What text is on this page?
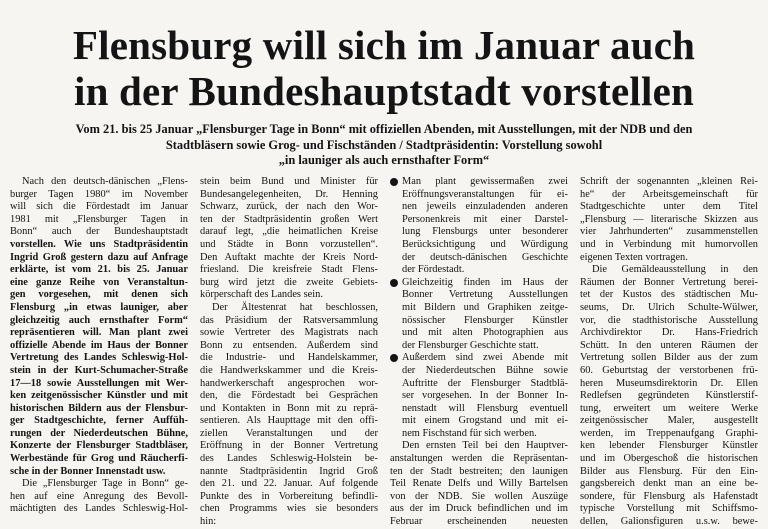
Flensburg will sich im Januar auch
in der Bundeshauptstadt vorstellen
Vom 21. bis 25 Januar „Flensburger Tage in Bonn“ mit offiziellen Abenden, mit Ausstellungen, mit der NDB und den
Stadtbläsern sowie Grog- und Fischständen / Stadtpräsidentin: Vorstellung sowohl
„in launiger als auch ernsthafter Form“
Nach den deutsch-dänischen „Flens-
burger Tagen 1980“ im November
will sich die Fördestadt im Januar
1981 mit „Flensburger Tagen in
Bonn“ auch der Bundeshauptstadt
vorstellen. Wie uns Stadtpräsidentin
Ingrid Groß gestern dazu auf Anfrage
erklärte, ist vom 21. bis 25. Januar
eine ganze Reihe von Veranstaltun-
gen vorgesehen, mit denen sich
Flensburg „in etwas launiger, aber
gleichzeitig auch ernsthafter Form“
repräsentieren will. Man plant zwei
offizielle Abende im Haus der Bonner
Vertretung des Landes Schleswig-Hol-
stein in der Kurt-Schumacher-Straße
17—18 sowie Ausstellungen mit Wer-
ken zeitgenössischer Künstler und mit
historischen Bildern aus der Flensbur-
ger Stadtgeschichte, ferner Auffüh-
rungen der Niederdeutschen Bühne,
Konzerte der Flensburger Stadtbläser,
Werbestände für Grog und Räucherfi-
sche in der Bonner Innenstadt usw.
Die „Flensburger Tage in Bonn“ ge-
hen auf eine Anregung des Bevoll-
mächtigten des Landes Schleswig-Hol-
stein beim Bund und Minister für
Bundesangelegenheiten, Dr. Henning
Schwarz, zurück, der nach den Wor-
ten der Stadtpräsidentin großen Wert
darauf legt, „die heimatlichen Kreise
und Städte in Bonn vorzustellen“.
Den Auftakt machte der Kreis Nord-
friesland. Die kreisfreie Stadt Flens-
burg wird jetzt die zweite Gebiets-
körperschaft des Landes sein.
Der Ältestenrat hat beschlossen,
das Präsidium der Ratsversammlung
sowie Vertreter des Magistrats nach
Bonn zu entsenden. Außerdem sind
die Industrie- und Handelskammer,
die Handwerkskammer und die Kreis-
handwerkerschaft angesprochen wor-
den, die Fördestadt bei Gesprächen
und Kontakten in Bonn mit zu reprä-
sentieren. Als Haupttage mit den offi-
ziellen Veranstaltungen und der
Eröffnung in der Bonner Vertretung
des Landes Schleswig-Holstein be-
nannte Stadtpräsidentin Ingrid Groß
den 21. und 22. Januar. Auf folgende
Punkte des in Vorbereitung befindli-
chen Programms wies sie besonders
hin:
Man plant gewissermaßen zwei
Eröffnungsveranstaltungen für ei-
nen jeweils einzuladenden anderen
Personenkreis mit einer Darstel-
lung Flensburgs unter besonderer
Berücksichtigung und Würdigung
der deutsch-dänischen Geschichte
der Fördestadt.
Gleichzeitig finden im Haus der
Bonner Vertretung Ausstellungen
mit Bildern und Graphiken zeitge-
nössischer Flensburger Künstler
und mit alten Photographien aus
der Flensburger Geschichte statt.
Außerdem sind zwei Abende mit
der Niederdeutschen Bühne sowie
Auftritte der Flensburger Stadtblä-
ser vorgesehen. In der Bonner In-
nenstadt will Flensburg eventuell
mit einem Grogstand und mit ei-
nem Fischstand für sich werben.
Den ernsten Teil bei den Hauptver-
anstaltungen werden die Repräsentan-
ten der Stadt bestreiten; den launigen
Teil Renate Delfs und Willy Bartelsen
von der NDB. Sie wollen Auszüge
aus der im Druck befindlichen und im
Februar erscheinenden neuesten
Schrift der sogenannten „kleinen Rei-
he“ der Arbeitsgemeinschaft für
Stadtgeschichte unter dem Titel
„Flensburg — literarische Skizzen aus
vier Jahrhunderten“ zusammenstellen
und in Verbindung mit humorvollen
eigenen Texten vortragen.
Die Gemäldeausstellung in den
Räumen der Bonner Vertretung berei-
tet der Kustos des städtischen Mu-
seums, Dr. Ulrich Schulte-Wülwer,
vor, die stadthistorische Ausstellung
Archivdirektor Dr. Hans-Friedrich
Schütt. In den unteren Räumen der
Vertretung sollen Bilder aus der zum
60. Geburtstag der verstorbenen frü-
heren Museumsdirektorin Dr. Ellen
Redlefsen gegründeten Künstlerstif-
tung, erweitert um weitere Werke
zeitgenössischer Maler, ausgestellt
werden, im Treppenaufgang Graphi-
ken lebender Flensburger Künstler
und im Obergeschoß die historischen
Bilder aus Flensburg. Für den Ein-
gangsbereich denkt man an eine be-
sondere, für Flensburg als Hafenstadt
typische Vorstellung mit Schiffsmo-
dellen, Galionsfiguren u.s.w. bewe-
